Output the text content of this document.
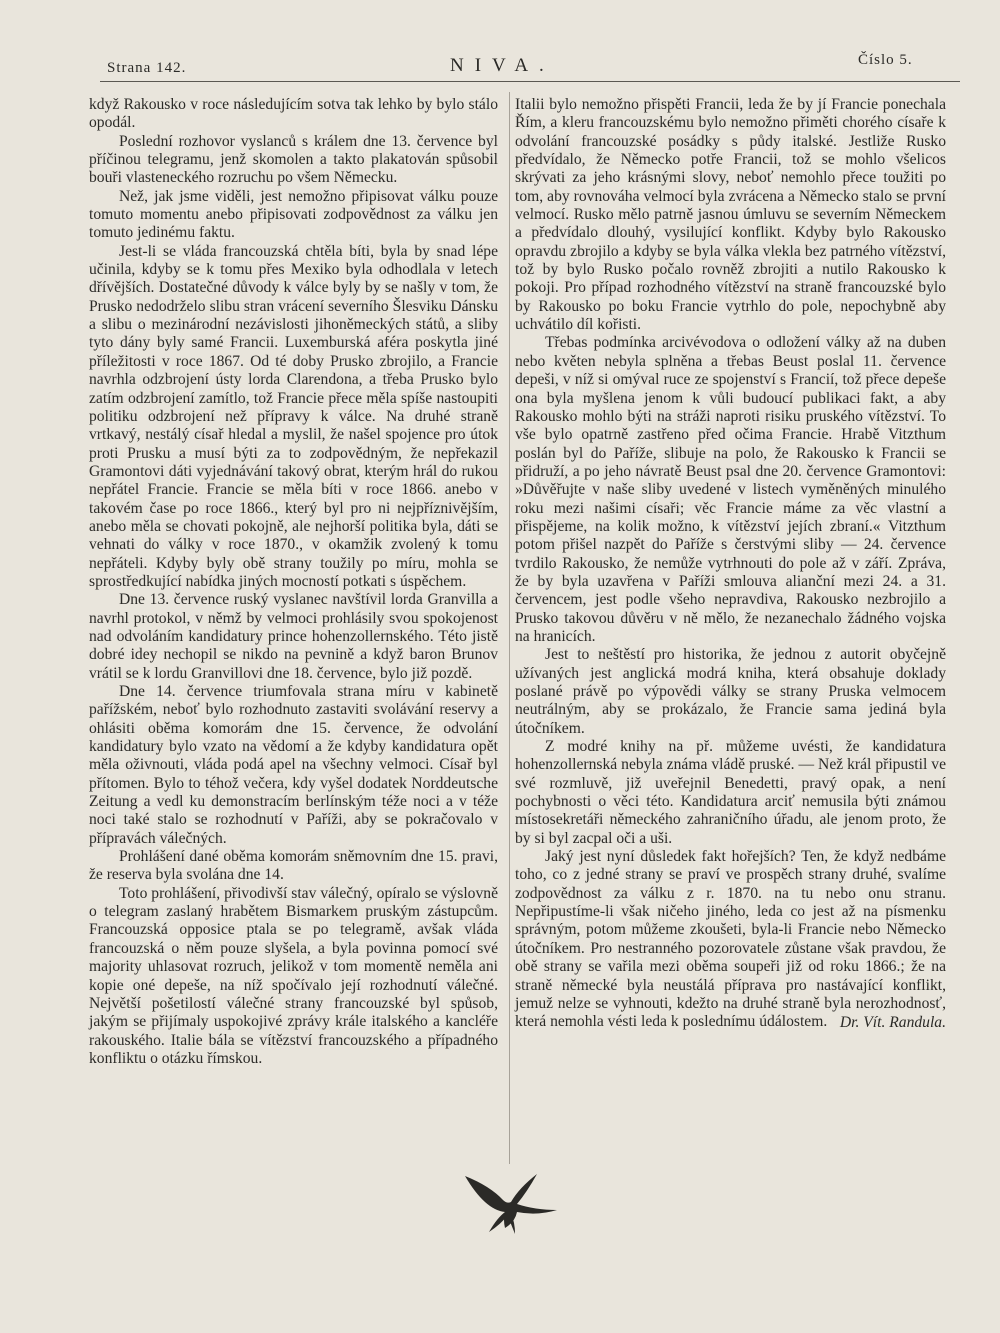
Strana 142.	NIVA.	Číslo 5.

když Rakousko v roce následujícím sotva tak lehko by bylo stálo opodál.

Poslední rozhovor vyslanců s králem dne 13. července byl příčinou telegramu, jenž skomolen a takto plakatován spůsobil bouři vlasteneckého rozruchu po všem Německu.

Než, jak jsme viděli, jest nemožno připisovat válku pouze tomuto momentu anebo připisovati zodpovědnost za válku jen tomuto jedinému faktu.

Jest-li se vláda francouzská chtěla bíti, byla by snad lépe učinila, kdyby se k tomu přes Mexiko byla odhodlala v letech dřívějších. Dostatečné důvody k válce byly by se našly v tom, že Prusko nedodrželo slibu stran vrácení severního Šlesviku Dánsku a slibu o mezinárodní nezávislosti jihoněmeckých států, a sliby tyto dány byly samé Francii. Luxemburská aféra poskytla jiné příležitosti v roce 1867. Od té doby Prusko zbrojilo, a Francie navrhla odzbrojení ústy lorda Clarendona, a třeba Prusko bylo zatím odzbrojení zamítlo, tož Francie přece měla spíše nastoupiti politiku odzbrojení než přípravy k válce. Na druhé straně vrtkavý, nestálý císař hledal a myslil, že našel spojence pro útok proti Prusku a musí býti za to zodpovědným, že nepřekazil Gramontovi dáti vyjednávání takový obrat, kterým hrál do rukou nepřátel Francie. Francie se měla bíti v roce 1866. anebo v takovém čase po roce 1866., který byl pro ni nejpříznivějším, anebo měla se chovati pokojně, ale nejhorší politika byla, dáti se vehnati do války v roce 1870., v okamžik zvolený k tomu nepřáteli. Kdyby byly obě strany toužily po míru, mohla se sprostředkující nabídka jiných mocností potkati s úspěchem.

Dne 13. července ruský vyslanec navštívil lorda Granvilla a navrhl protokol, v němž by velmoci prohlásily svou spokojenost nad odvoláním kandidatury prince hohenzollernského. Této jistě dobré idey nechopil se nikdo na pevnině a když baron Brunov vrátil se k lordu Granvillovi dne 18. července, bylo již pozdě.

Dne 14. července triumfovala strana míru v kabinetě pařížském, neboť bylo rozhodnuto zastaviti svolávání reservy a ohlásiti oběma komorám dne 15. července, že odvolání kandidatury bylo vzato na vědomí a že kdyby kandidatura opět měla oživnouti, vláda podá apel na všechny velmoci. Císař byl přítomen. Bylo to téhož večera, kdy vyšel dodatek Norddeutsche Zeitung a vedl ku demonstracím berlínským téže noci a v téže noci také stalo se rozhodnutí v Paříži, aby se pokračovalo v přípravách válečných.

Prohlášení dané oběma komorám sněmovním dne 15. pravi, že reserva byla svolána dne 14.

Toto prohlášení, přivodivší stav válečný, opíralo se výslovně o telegram zaslaný hrabětem Bismarkem pruským zástupcům. Francouzská opposice ptala se po telegramě, avšak vláda francouzská o něm pouze slyšela, a byla povinna pomocí své majority uhlasovat rozruch, jelikož v tom momentě neměla ani kopie oné depeše, na níž spočívalo její rozhodnutí válečné. Největší pošetilostí válečné strany francouzské byl spůsob, jakým se přijímaly uspokojivé zprávy krále italského a kancléře rakouského. Italie bála se vítězství francouzského a případného konfliktu o otázku římskou.

Italii bylo nemožno přispěti Francii, leda že by jí Francie ponechala Řím, a kleru francouzskému bylo nemožno přiměti chorého císaře k odvolání francouzské posádky s půdy italské. Jestliže Rusko předvídalo, že Německo potře Francii, tož se mohlo všelicos skrývati za jeho krásnými slovy, neboť nemohlo přece toužiti po tom, aby rovnováha velmocí byla zvrácena a Německo stalo se první velmocí. Rusko mělo patrně jasnou úmluvu se severním Německem a předvídalo dlouhý, vysilující konflikt. Kdyby bylo Rakousko opravdu zbrojilo a kdyby se byla válka vlekla bez patrného vítězství, tož by bylo Rusko počalo rovněž zbrojiti a nutilo Rakousko k pokoji. Pro případ rozhodného vítězství na straně francouzské bylo by Rakousko po boku Francie vytrhlo do pole, nepochybně aby uchvátilo díl kořisti.

Třebas podmínka arcivévodova o odložení války až na duben nebo květen nebyla splněna a třebas Beust poslal 11. července depeši, v níž si omýval ruce ze spojenství s Francií, tož přece depeše ona byla myšlena jenom k vůli budoucí publikaci fakt, a aby Rakousko mohlo býti na stráži naproti risiku pruského vítězství. To vše bylo opatrně zastřeno před očima Francie. Hrabě Vitzthum poslán byl do Paříže, slibuje na polo, že Rakousko k Francii se přidruží, a po jeho návratě Beust psal dne 20. července Gramontovi: »Důvěřujte v naše sliby uvedené v listech vyměněných minulého roku mezi našimi císaři; věc Francie máme za věc vlastní a přispějeme, na kolik možno, k vítězství jejích zbraní.« Vitzthum potom přišel nazpět do Paříže s čerstvými sliby — 24. července tvrdilo Rakousko, že nemůže vytrhnouti do pole až v září. Zpráva, že by byla uzavřena v Paříži smlouva alianční mezi 24. a 31. červencem, jest podle všeho nepravdiva, Rakousko nezbrojilo a Prusko takovou důvěru v ně mělo, že nezanechalo žádného vojska na hranicích.

Jest to neštěstí pro historika, že jednou z autorit obyčejně užívaných jest anglická modrá kniha, která obsahuje doklady poslané právě po výpovědi války se strany Pruska velmocem neutrálným, aby se prokázalo, že Francie sama jediná byla útočníkem.

Z modré knihy na př. můžeme uvésti, že kandidatura hohenzollernská nebyla známa vládě pruské. — Než král připustil ve své rozmluvě, již uveřejnil Benedetti, pravý opak, a není pochybnosti o věci této. Kandidatura arciť nemusila býti známou místosekretáři německého zahraničního úřadu, ale jenom proto, že by si byl zacpal oči a uši.

Jaký jest nyní důsledek fakt hořejších? Ten, že když nedbáme toho, co z jedné strany se praví ve prospěch strany druhé, svalíme zodpovědnost za válku z r. 1870. na tu nebo onu stranu. Nepřipustíme-li však ničeho jiného, leda co jest až na písmenku správným, potom můžeme zkoušeti, byla-li Francie nebo Německo útočníkem. Pro nestranného pozorovatele zůstane však pravdou, že obě strany se vařila mezi oběma soupeři již od roku 1866.; že na straně německé byla neustálá příprava pro nastávající konflikt, jemuž nelze se vyhnouti, kdežto na druhé straně byla nerozhodnosť, která nemohla vésti leda k poslednímu údálostem. Dr. Vít. Randula.
